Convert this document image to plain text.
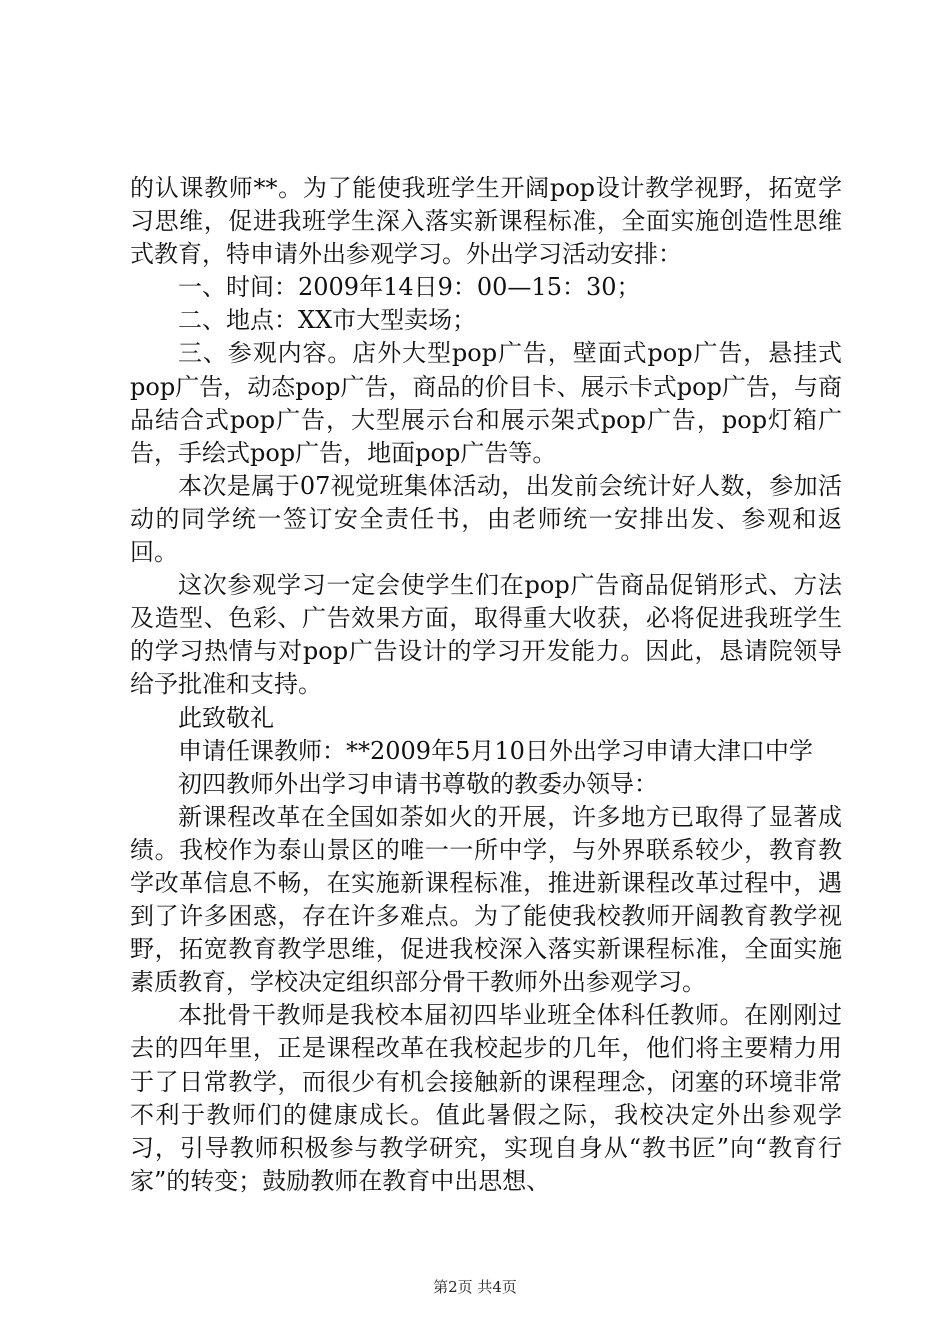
的认课教师**。为了能使我班学生开阔pop设计教学视野，拓宽学习思维，促进我班学生深入落实新课程标准，全面实施创造性思维式教育，特申请外出参观学习。外出学习活动安排：

一、时间：2009年14日9：00—15：30；

二、地点：XX市大型卖场；

三、参观内容。店外大型pop广告，壁面式pop广告，悬挂式pop广告，动态pop广告，商品的价目卡、展示卡式pop广告，与商品结合式pop广告，大型展示台和展示架式pop广告，pop灯箱广告，手绘式pop广告，地面pop广告等。

本次是属于07视觉班集体活动，出发前会统计好人数，参加活动的同学统一签订安全责任书，由老师统一安排出发、参观和返回。

这次参观学习一定会使学生们在pop广告商品促销形式、方法及造型、色彩、广告效果方面，取得重大收获，必将促进我班学生的学习热情与对pop广告设计的学习开发能力。因此，恳请院领导给予批准和支持。

此致敬礼

申请任课教师：**2009年5月10日外出学习申请大津口中学

初四教师外出学习申请书尊敬的教委办领导：

新课程改革在全国如荼如火的开展，许多地方已取得了显著成绩。我校作为泰山景区的唯一一所中学，与外界联系较少，教育教学改革信息不畅，在实施新课程标准，推进新课程改革过程中，遇到了许多困惑，存在许多难点。为了能使我校教师开阔教育教学视野，拓宽教育教学思维，促进我校深入落实新课程标准，全面实施素质教育，学校决定组织部分骨干教师外出参观学习。

本批骨干教师是我校本届初四毕业班全体科任教师。在刚刚过去的四年里，正是课程改革在我校起步的几年，他们将主要精力用于了日常教学，而很少有机会接触新的课程理念，闭塞的环境非常不利于教师们的健康成长。值此暑假之际，我校决定外出参观学习，引导教师积极参与教学研究，实现自身从“教书匠”向“教育行家”的转变；鼓励教师在教育中出思想、

第2页 共4页
